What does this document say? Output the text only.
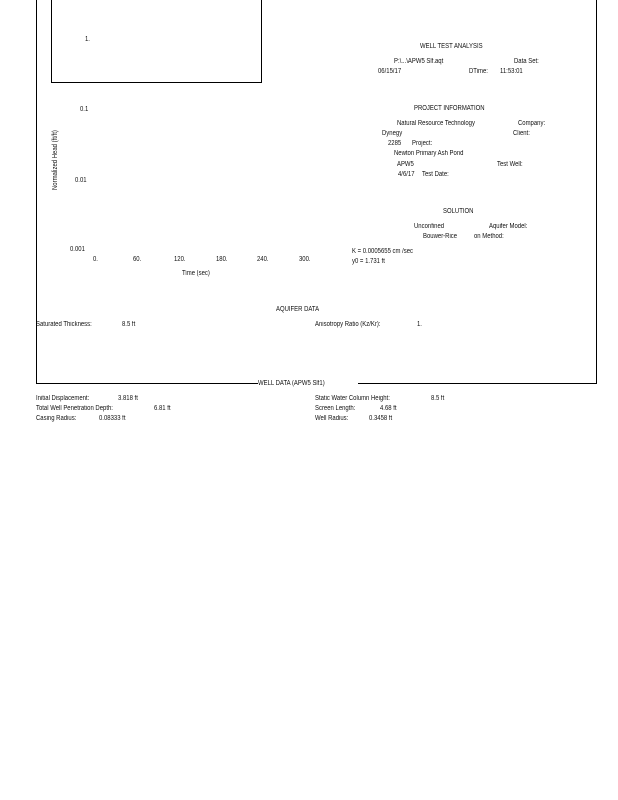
1.
0.1
0.01
0.001
0.	60.	120.	180.	240.	300.
Normalized Head (ft/ft)
Time (sec)
WELL TEST ANALYSIS
P:\...\APW5 Slf.aqt	Data Set:
06/15/17	DTime: 11:53:01
PROJECT INFORMATION
Natural Resource Technology	Company:
Dynegy	Client:
2285 Project:
Newton Primary Ash Pond
APW5	Test Well:
4/6/17 Test Date:
SOLUTION
Unconfined	Aquifer Model:
Bouwer-Rice on Method:
K = 0.0005655 cm /sec
y0 = 1.731 ft
AQUIFER DATA
Saturated Thickness:	8.5 ft	Anisotropy Ratio (Kz/Kr):	1.
WELL DATA (APW5 Slf1)
Initial Displacement:	3.818 ft
Total Well Penetration Depth:	6.81 ft
Casing Radius:	0.08333 ft
Static Water Column Height:	8.5 ft
Screen Length:	4.68 ft
Well Radius:	0.3458 ft
